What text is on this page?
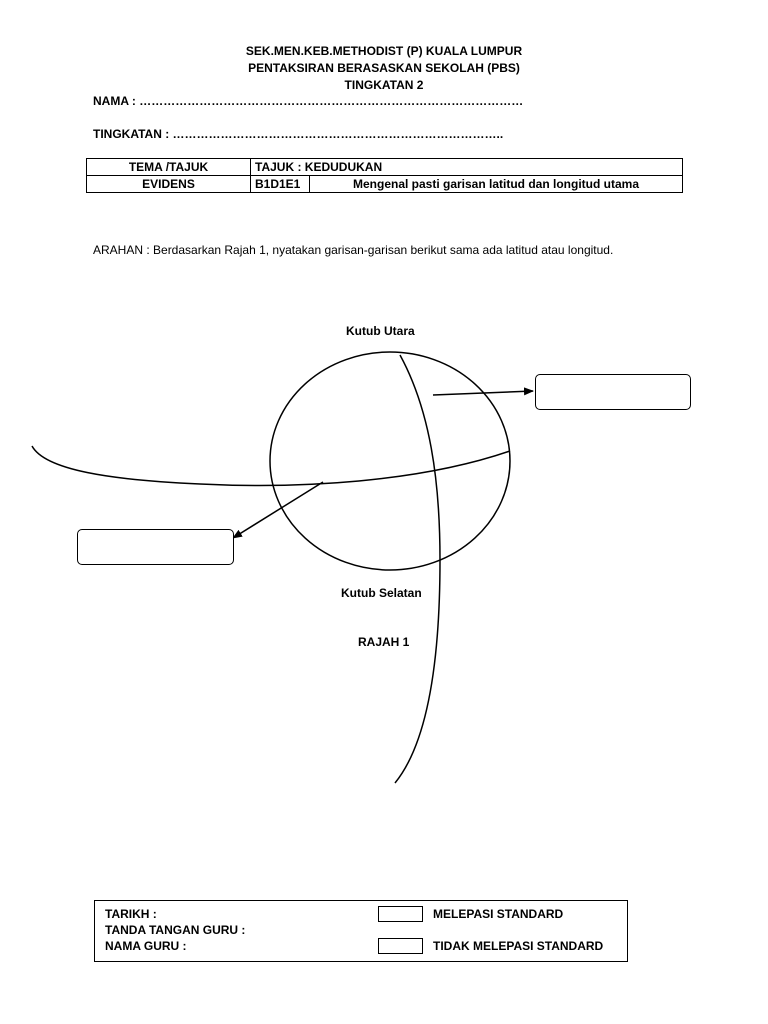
SEK.MEN.KEB.METHODIST (P) KUALA LUMPUR
PENTAKSIRAN BERASASKAN SEKOLAH (PBS)
TINGKATAN 2
NAMA : ……………………………………………………………………………………
TINGKATAN : ………………………………………………………………………..
TEMA /TAJUK	TAJUK : KEDUDUKAN	
EVIDENS	B1D1E1	Mengenal pasti garisan latitud dan longitud utama
ARAHAN : Berdasarkan Rajah 1, nyatakan garisan-garisan berikut sama ada latitud atau longitud.
Kutub Utara
Kutub Selatan
RAJAH 1
TARIKH :
TANDA TANGAN GURU :
NAMA GURU :
MELEPASI STANDARD
TIDAK MELEPASI STANDARD
